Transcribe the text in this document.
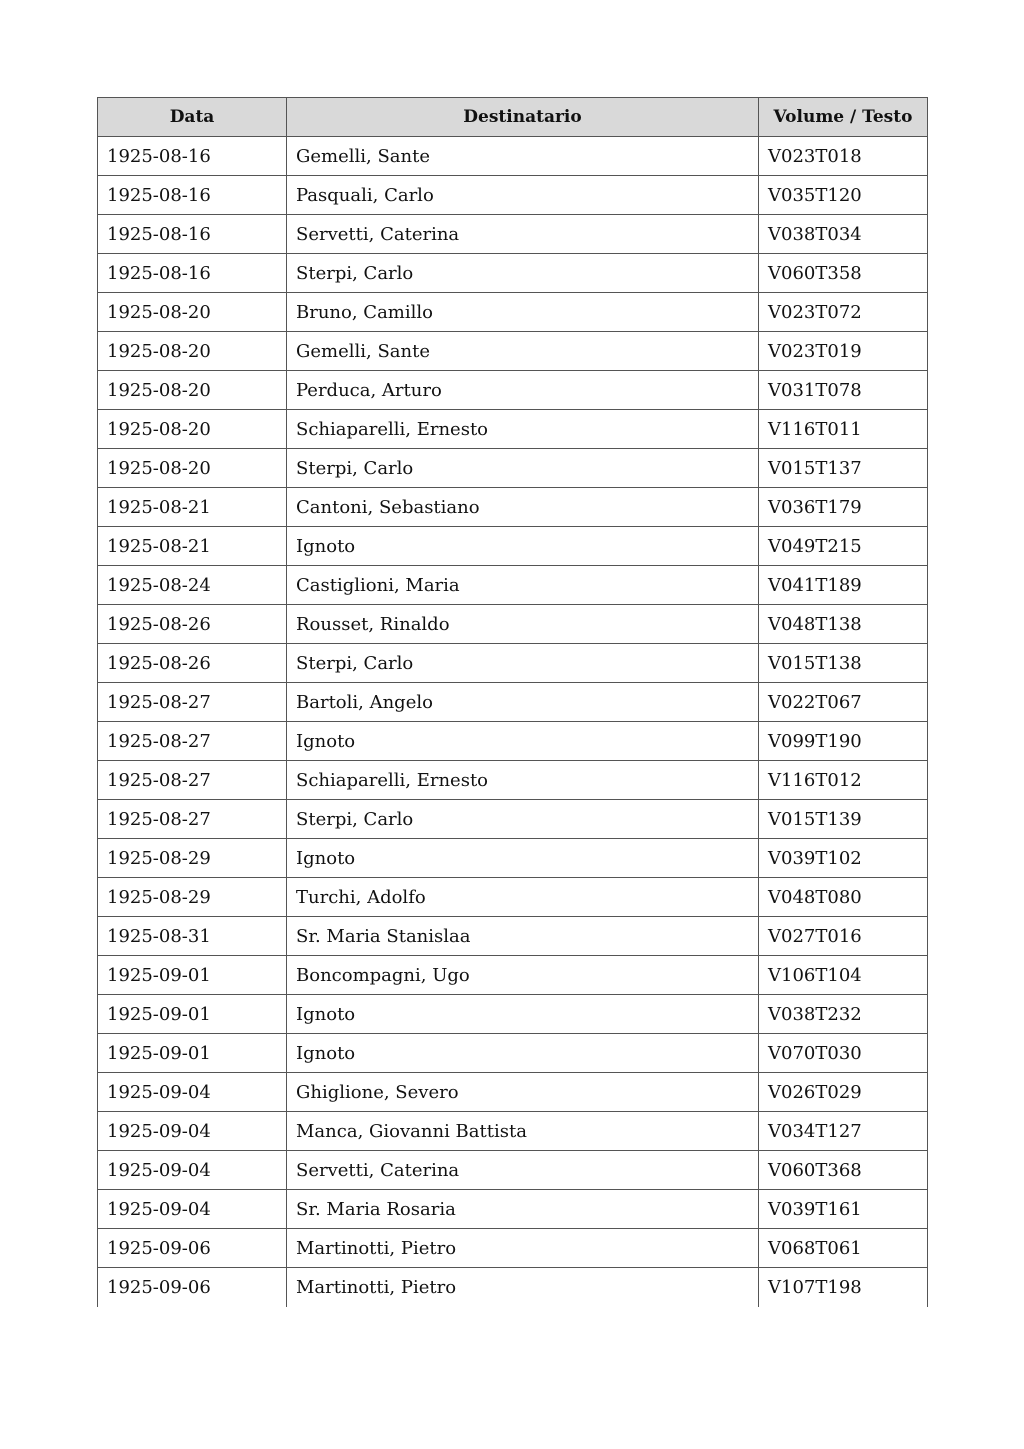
Data	Destinatario	Volume / Testo
1925-08-16	Gemelli, Sante	V023T018
1925-08-16	Pasquali, Carlo	V035T120
1925-08-16	Servetti, Caterina	V038T034
1925-08-16	Sterpi, Carlo	V060T358
1925-08-20	Bruno, Camillo	V023T072
1925-08-20	Gemelli, Sante	V023T019
1925-08-20	Perduca, Arturo	V031T078
1925-08-20	Schiaparelli, Ernesto	V116T011
1925-08-20	Sterpi, Carlo	V015T137
1925-08-21	Cantoni, Sebastiano	V036T179
1925-08-21	Ignoto	V049T215
1925-08-24	Castiglioni, Maria	V041T189
1925-08-26	Rousset, Rinaldo	V048T138
1925-08-26	Sterpi, Carlo	V015T138
1925-08-27	Bartoli, Angelo	V022T067
1925-08-27	Ignoto	V099T190
1925-08-27	Schiaparelli, Ernesto	V116T012
1925-08-27	Sterpi, Carlo	V015T139
1925-08-29	Ignoto	V039T102
1925-08-29	Turchi, Adolfo	V048T080
1925-08-31	Sr. Maria Stanislaa	V027T016
1925-09-01	Boncompagni, Ugo	V106T104
1925-09-01	Ignoto	V038T232
1925-09-01	Ignoto	V070T030
1925-09-04	Ghiglione, Severo	V026T029
1925-09-04	Manca, Giovanni Battista	V034T127
1925-09-04	Servetti, Caterina	V060T368
1925-09-04	Sr. Maria Rosaria	V039T161
1925-09-06	Martinotti, Pietro	V068T061
1925-09-06	Martinotti, Pietro	V107T198
